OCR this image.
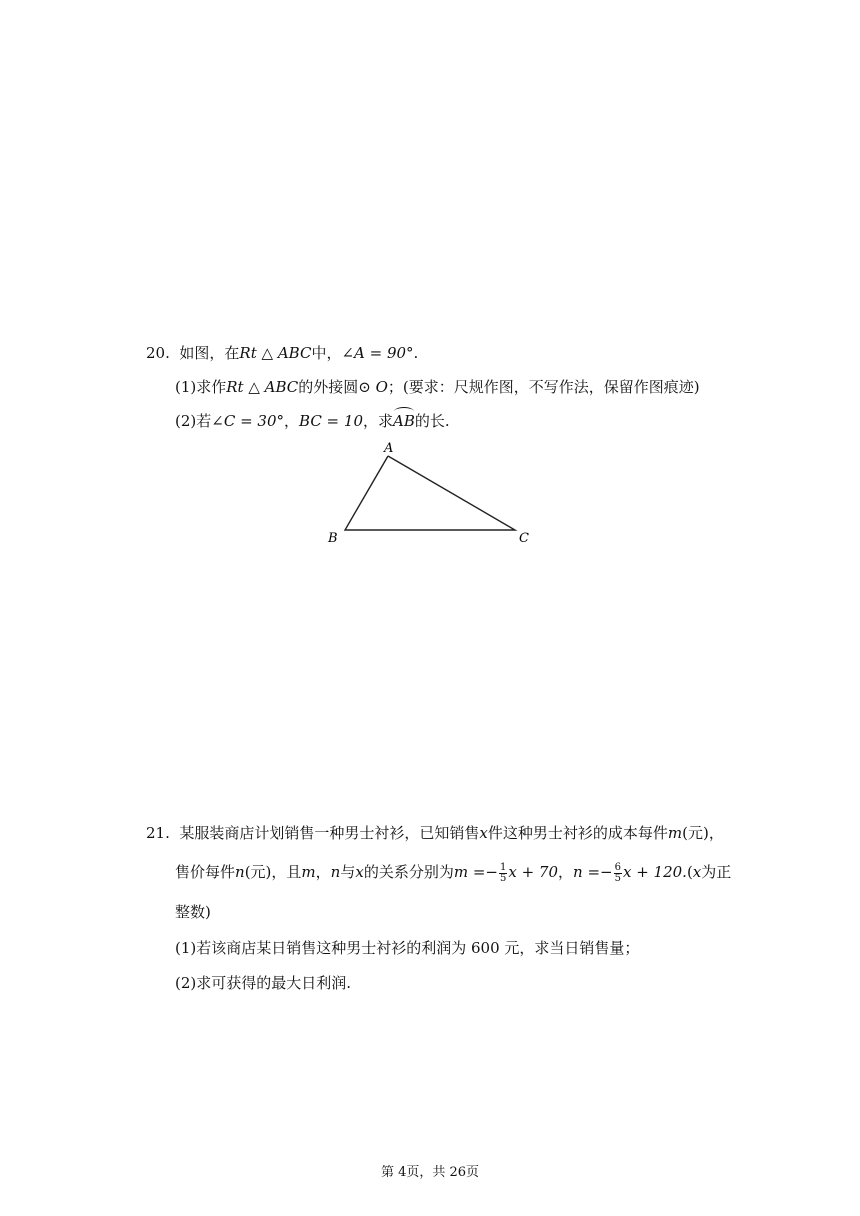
20. 如图，在Rt △ ABC中，∠A = 90°.
(1)求作Rt △ ABC的外接圆⊙ O；(要求：尺规作图，不写作法，保留作图痕迹)
(2)若∠C = 30°，BC = 10，求AB的长.
A
B	C
21. 某服装商店计划销售一种男士衬衫，已知销售x件这种男士衬衫的成本每件m(元)，
售价每件n(元)，且m，n与x的关系分别为$m =- \frac{1}{5}$ x + 70，$n =- \frac{6}{5}$ x + 120.(x为正
整数)
(1)若该商店某日销售这种男士衬衫的利润为 600 元，求当日销售量；
(2)求可获得的最大日利润.
第 4页，共 26页
